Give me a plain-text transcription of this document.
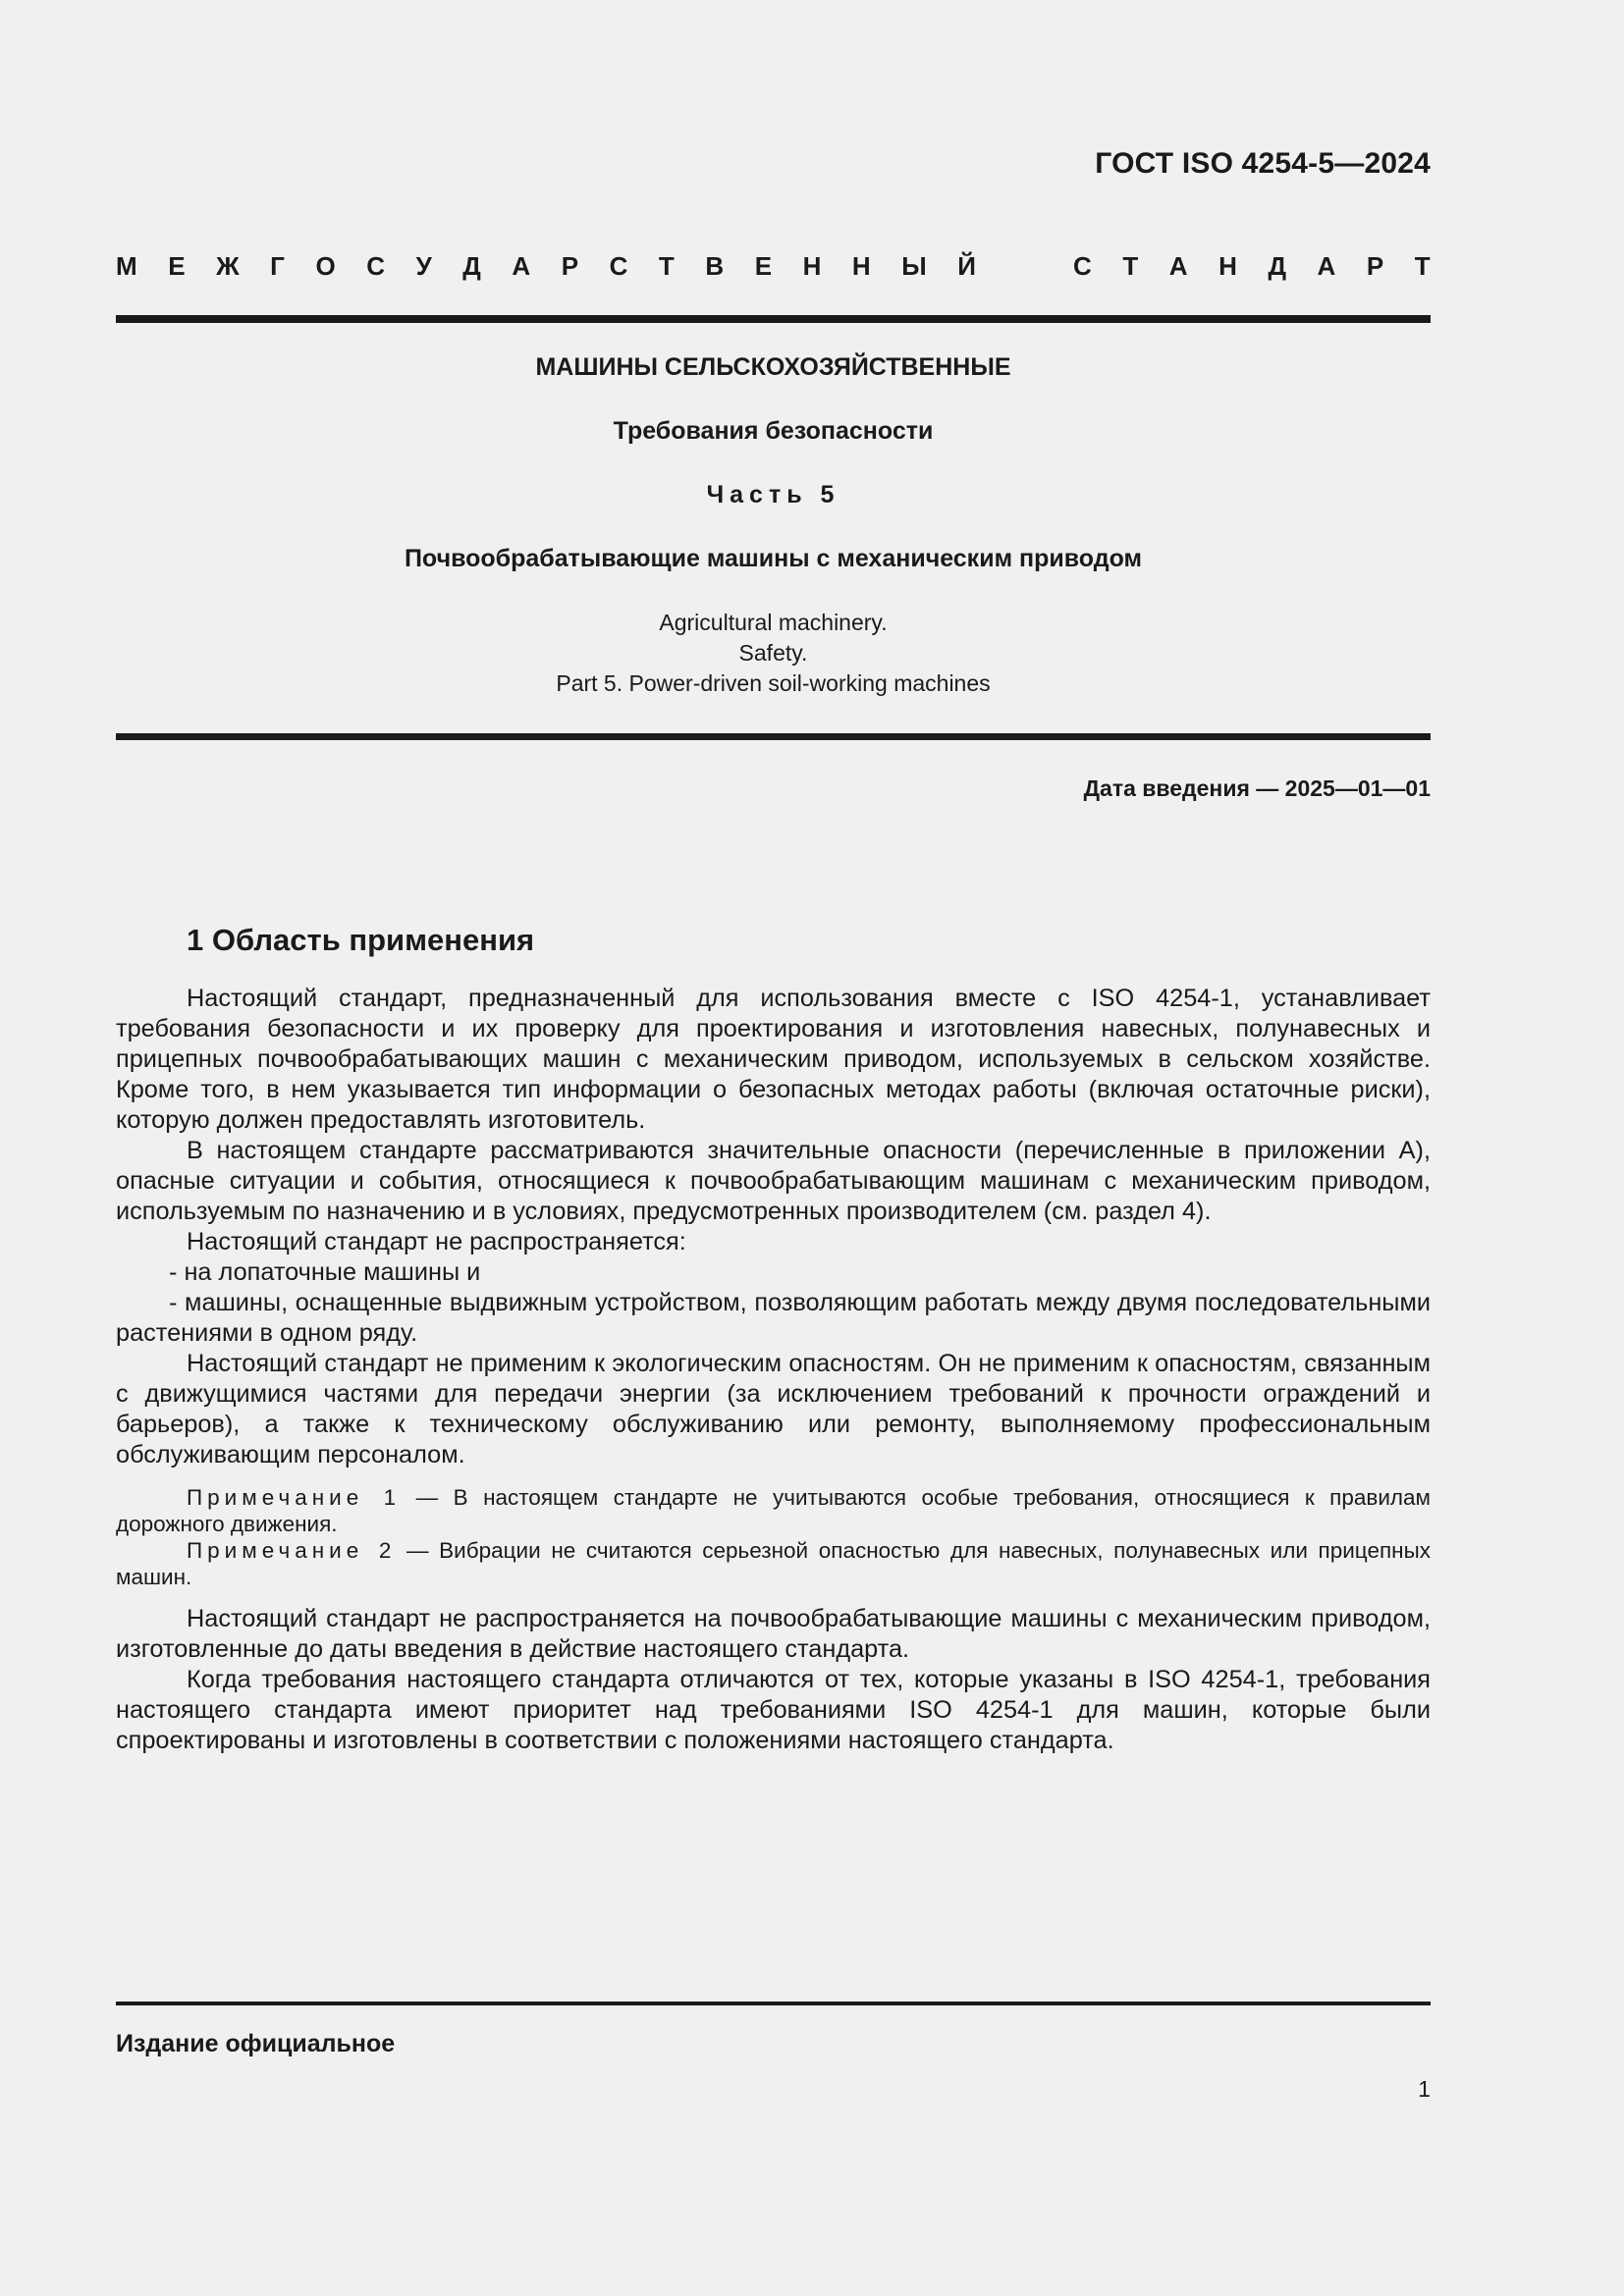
ГОСТ ISO 4254-5—2024
М Е Ж Г О С У Д А Р С Т В Е Н Н Ы Й	С Т А Н Д А Р Т
МАШИНЫ СЕЛЬСКОХОЗЯЙСТВЕННЫЕ
Требования безопасности
Часть 5
Почвообрабатывающие машины с механическим приводом
Agricultural machinery.
Safety.
Part 5. Power-driven soil-working machines
Дата введения — 2025—01—01
1 Область применения

Настоящий стандарт, предназначенный для использования вместе с ISO 4254-1, устанавливает требования безопасности и их проверку для проектирования и изготовления навесных, полунавесных и прицепных почвообрабатывающих машин с механическим приводом, используемых в сельском хозяйстве. Кроме того, в нем указывается тип информации о безопасных методах работы (включая остаточные риски), которую должен предоставлять изготовитель.

В настоящем стандарте рассматриваются значительные опасности (перечисленные в приложении А), опасные ситуации и события, относящиеся к почвообрабатывающим машинам с механическим приводом, используемым по назначению и в условиях, предусмотренных производителем (см. раздел 4).

Настоящий стандарт не распространяется:

- на лопаточные машины и

- машины, оснащенные выдвижным устройством, позволяющим работать между двумя последовательными растениями в одном ряду.

Настоящий стандарт не применим к экологическим опасностям. Он не применим к опасностям, связанным с движущимися частями для передачи энергии (за исключением требований к прочности ограждений и барьеров), а также к техническому обслуживанию или ремонту, выполняемому профессиональным обслуживающим персоналом.

Примечание 1 — В настоящем стандарте не учитываются особые требования, относящиеся к правилам дорожного движения.

Примечание 2 — Вибрации не считаются серьезной опасностью для навесных, полунавесных или прицепных машин.

Настоящий стандарт не распространяется на почвообрабатывающие машины с механическим приводом, изготовленные до даты введения в действие настоящего стандарта.

Когда требования настоящего стандарта отличаются от тех, которые указаны в ISO 4254-1, требования настоящего стандарта имеют приоритет над требованиями ISO 4254-1 для машин, которые были спроектированы и изготовлены в соответствии с положениями настоящего стандарта.

Издание официальное
1
